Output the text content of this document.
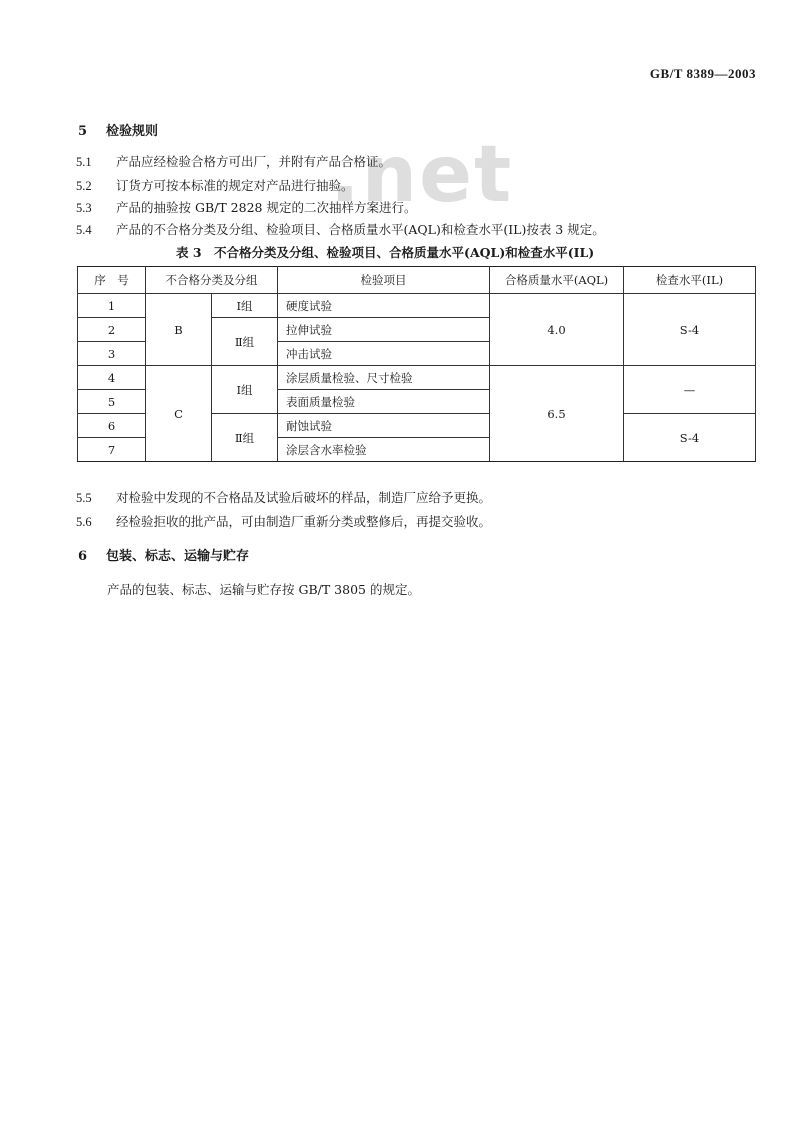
GB/T 8389—2003
.net
5 检验规则
5.1 产品应经检验合格方可出厂，并附有产品合格证。
5.2 订货方可按本标准的规定对产品进行抽验。
5.3 产品的抽验按 GB/T 2828 规定的二次抽样方案进行。
5.4 产品的不合格分类及分组、检验项目、合格质量水平(AQL)和检查水平(IL)按表 3 规定。
表 3　不合格分类及分组、检验项目、合格质量水平(AQL)和检查水平(IL)
序　号	不合格分类及分组		检验项目	合格质量水平(AQL)	检查水平(IL)
1	B	Ⅰ组	硬度试验	4.0	S-4
2		Ⅱ组	拉伸试验		
3			冲击试验		
4	C	Ⅰ组	涂层质量检验、尺寸检验	6.5	—
5			表面质量检验		
6		Ⅱ组	耐蚀试验		S-4
7			涂层含水率检验		
5.5 对检验中发现的不合格品及试验后破坏的样品，制造厂应给予更换。
5.6 经检验拒收的批产品，可由制造厂重新分类或整修后，再提交验收。
6 包装、标志、运输与贮存
产品的包装、标志、运输与贮存按 GB/T 3805 的规定。
